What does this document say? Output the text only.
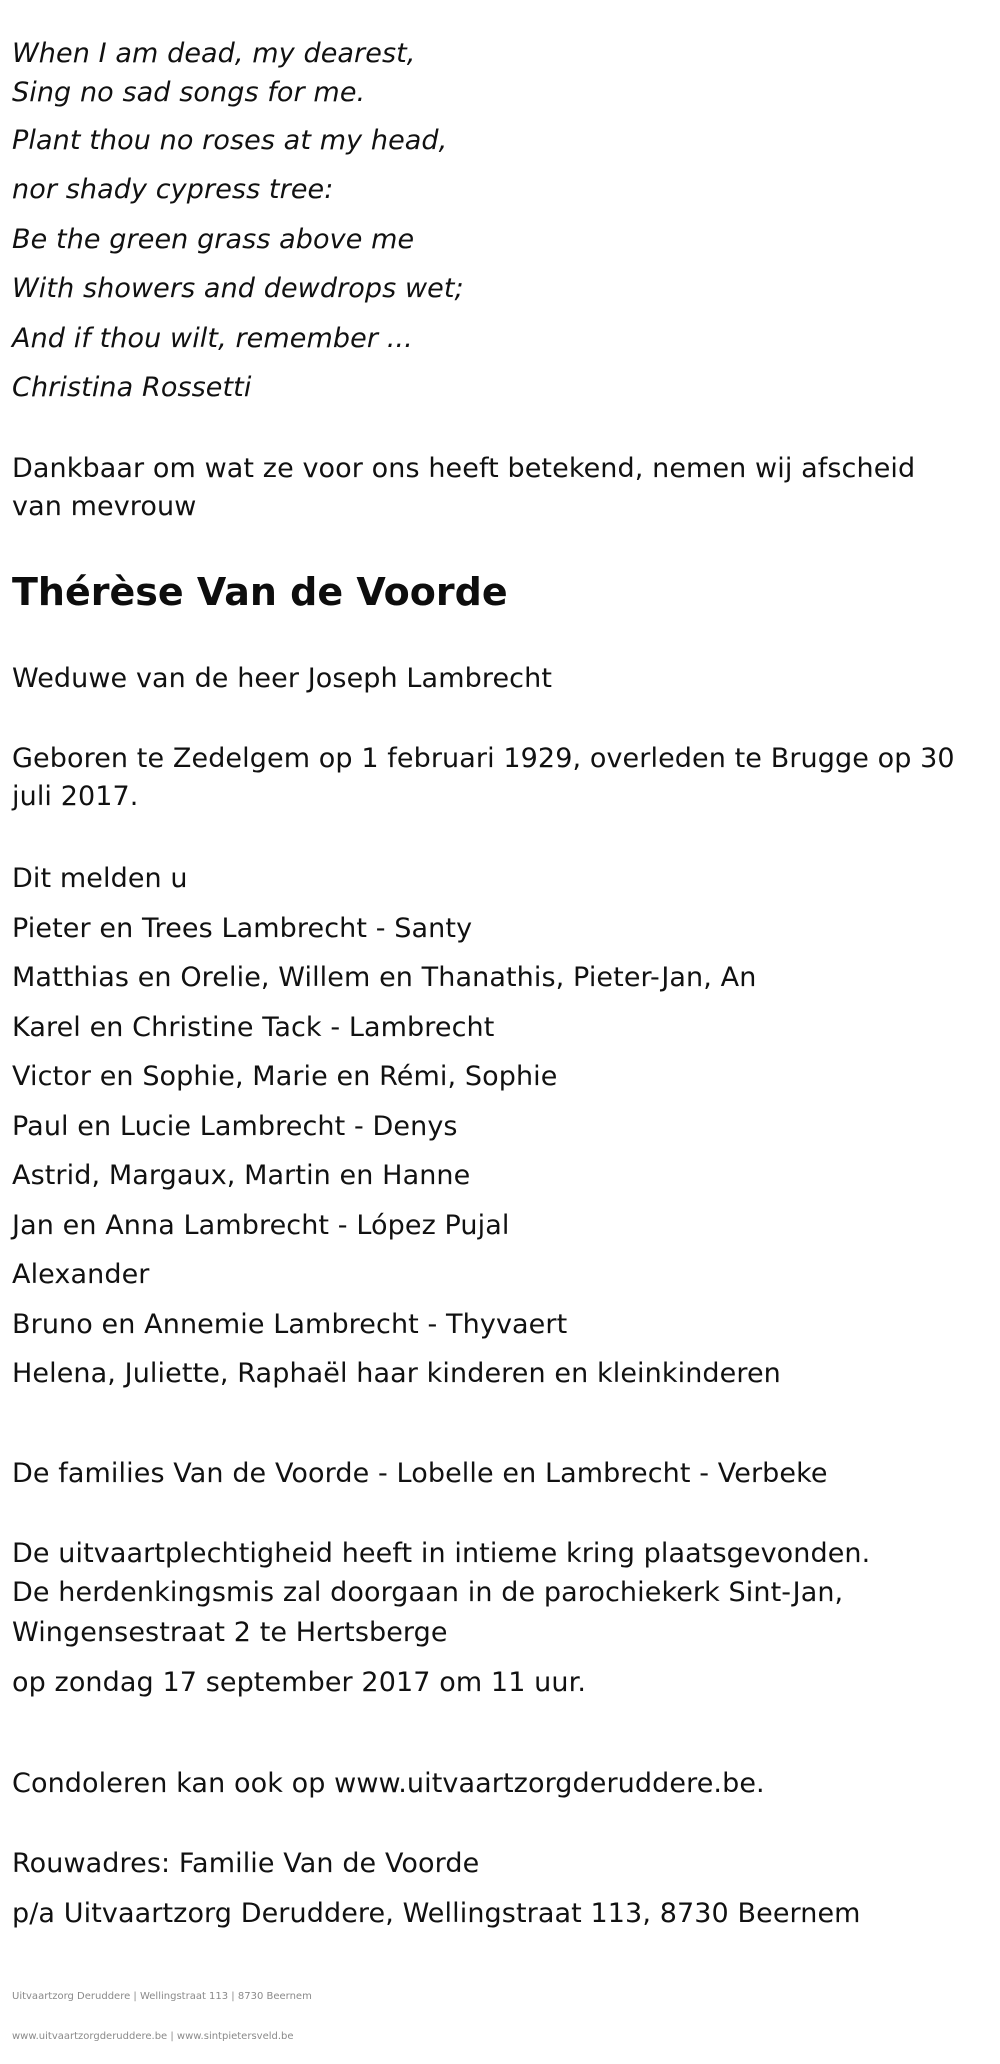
When I am dead, my dearest,
Sing no sad songs for me.
Plant thou no roses at my head,
nor shady cypress tree:
Be the green grass above me
With showers and dewdrops wet;
And if thou wilt, remember ...
Christina Rossetti
Dankbaar om wat ze voor ons heeft betekend, nemen wij afscheid van mevrouw
Thérèse Van de Voorde
Weduwe van de heer Joseph Lambrecht
Geboren te Zedelgem op 1 februari 1929, overleden te Brugge op 30 juli 2017.
Dit melden u
Pieter en Trees Lambrecht - Santy
Matthias en Orelie, Willem en Thanathis, Pieter-Jan, An
Karel en Christine Tack - Lambrecht
Victor en Sophie, Marie en Rémi, Sophie
Paul en Lucie Lambrecht - Denys
Astrid, Margaux, Martin en Hanne
Jan en Anna Lambrecht - López Pujal
Alexander
Bruno en Annemie Lambrecht - Thyvaert
Helena, Juliette, Raphaël haar kinderen en kleinkinderen
De families Van de Voorde - Lobelle en Lambrecht - Verbeke
De uitvaartplechtigheid heeft in intieme kring plaatsgevonden.
De herdenkingsmis zal doorgaan in de parochiekerk Sint-Jan,
Wingensestraat 2 te Hertsberge
op zondag 17 september 2017 om 11 uur.
Condoleren kan ook op www.uitvaartzorgderuddere.be.
Rouwadres: Familie Van de Voorde
p/a Uitvaartzorg Deruddere, Wellingstraat 113, 8730 Beernem
Uitvaartzorg Deruddere | Wellingstraat 113 | 8730 Beernem
www.uitvaartzorgderuddere.be | www.sintpietersveld.be
